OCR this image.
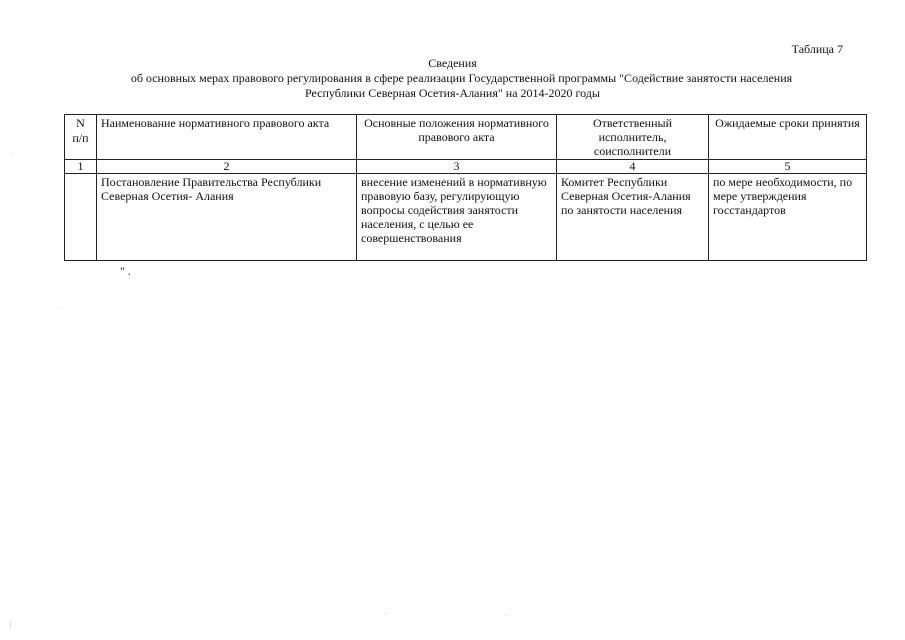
Таблица 7
Сведения
об основных мерах правового регулирования в сфере реализации Государственной программы "Содействие занятости населения
Республики Северная Осетия-Алания" на 2014-2020 годы
N
п/п	Наименование нормативного правового акта	Основные положения нормативного правового акта	Ответственный исполнитель, соисполнители	Ожидаемые сроки принятия
1	2	3	4	5
	Постановление Правительства Республики Северная Осетия- Алания	внесение изменений в нормативную правовую базу, регулирующую вопросы содействия занятости населения, с целью ее совершенствования	Комитет Республики Северная Осетия-Алания по занятости населения	по мере необходимости, по мере утверждения госстандартов
" .
·
·
·	·
|
